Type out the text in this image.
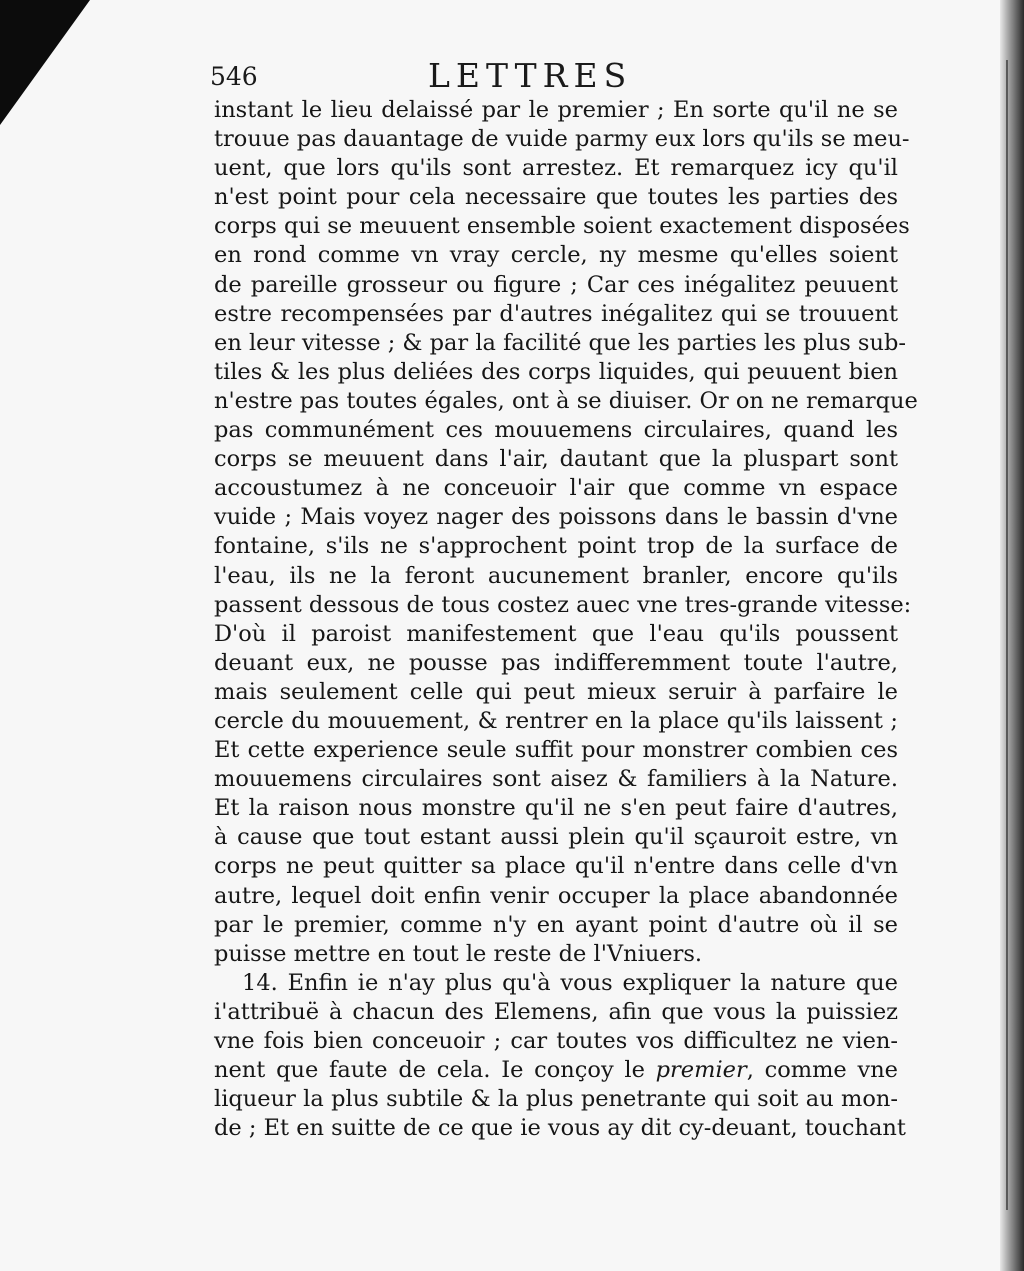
546	LETTRES
instant le lieu delaissé par le premier ; En sorte qu'il ne se
trouue pas dauantage de vuide parmy eux lors qu'ils se meu-
uent, que lors qu'ils sont arrestez. Et remarquez icy qu'il
n'est point pour cela necessaire que toutes les parties des
corps qui se meuuent ensemble soient exactement disposées
en rond comme vn vray cercle, ny mesme qu'elles soient
de pareille grosseur ou figure ; Car ces inégalitez peuuent
estre recompensées par d'autres inégalitez qui se trouuent
en leur vitesse ; & par la facilité que les parties les plus sub-
tiles & les plus deliées des corps liquides, qui peuuent bien
n'estre pas toutes égales, ont à se diuiser. Or on ne remarque
pas communément ces mouuemens circulaires, quand les
corps se meuuent dans l'air, dautant que la pluspart sont
accoustumez à ne conceuoir l'air que comme vn espace
vuide ; Mais voyez nager des poissons dans le bassin d'vne
fontaine, s'ils ne s'approchent point trop de la surface de
l'eau, ils ne la feront aucunement branler, encore qu'ils
passent dessous de tous costez auec vne tres-grande vitesse:
D'où il paroist manifestement que l'eau qu'ils poussent
deuant eux, ne pousse pas indifferemment toute l'autre,
mais seulement celle qui peut mieux seruir à parfaire le
cercle du mouuement, & rentrer en la place qu'ils laissent ;
Et cette experience seule suffit pour monstrer combien ces
mouuemens circulaires sont aisez & familiers à la Nature.
Et la raison nous monstre qu'il ne s'en peut faire d'autres,
à cause que tout estant aussi plein qu'il sçauroit estre, vn
corps ne peut quitter sa place qu'il n'entre dans celle d'vn
autre, lequel doit enfin venir occuper la place abandonnée
par le premier, comme n'y en ayant point d'autre où il se
puisse mettre en tout le reste de l'Vniuers.
14. Enfin ie n'ay plus qu'à vous expliquer la nature que
i'attribuë à chacun des Elemens, afin que vous la puissiez
vne fois bien conceuoir ; car toutes vos difficultez ne vien-
nent que faute de cela. Ie conçoy le premier, comme vne
liqueur la plus subtile & la plus penetrante qui soit au mon-
de ; Et en suitte de ce que ie vous ay dit cy-deuant, touchant
